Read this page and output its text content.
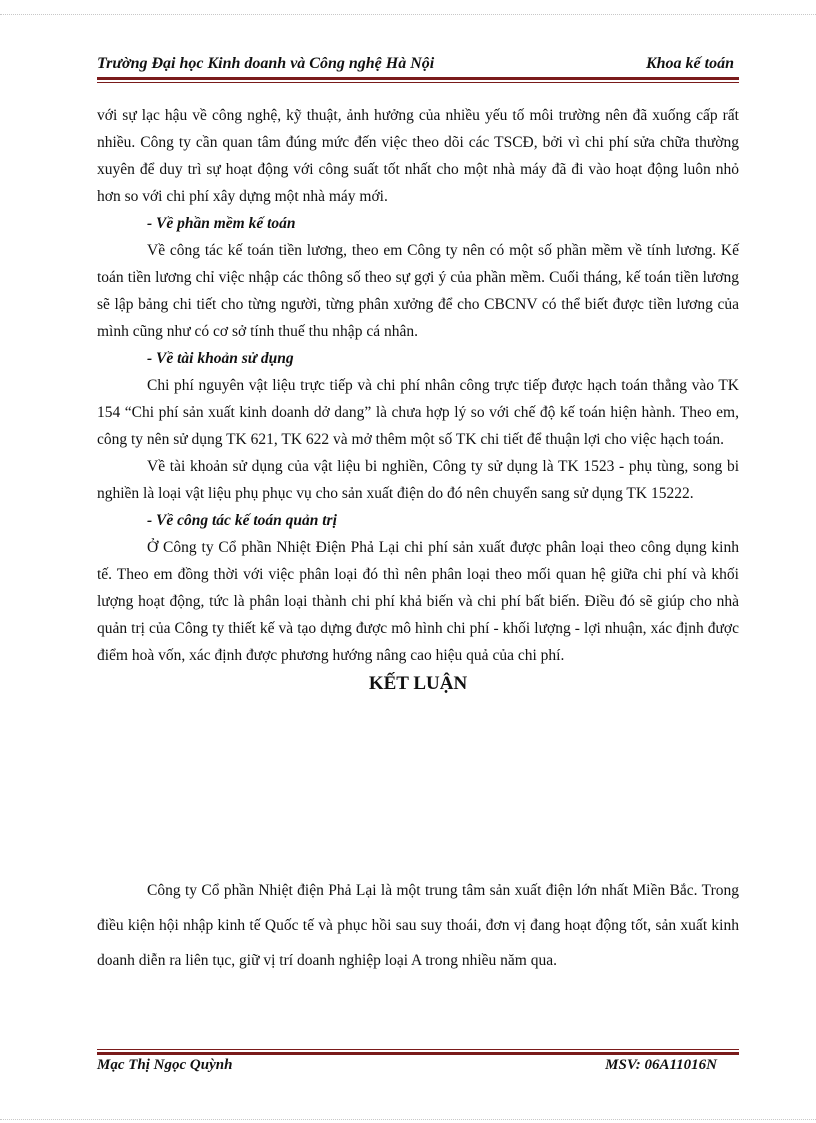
Trường Đại học Kinh doanh và Công nghệ Hà Nội	Khoa kế toán

với sự lạc hậu về công nghệ, kỹ thuật, ảnh hưởng của nhiều yếu tố môi trường nên đã xuống cấp rất nhiều. Công ty cần quan tâm đúng mức đến việc theo dõi các TSCĐ, bởi vì chi phí sửa chữa thường xuyên để duy trì sự hoạt động với công suất tốt nhất cho một nhà máy đã đi vào hoạt động luôn nhỏ hơn so với chi phí xây dựng một nhà máy mới.

- Về phần mềm kế toán

Về công tác kế toán tiền lương, theo em Công ty nên có một số phần mềm về tính lương. Kế toán tiền lương chỉ việc nhập các thông số theo sự gợi ý của phần mềm. Cuối tháng, kế toán tiền lương sẽ lập bảng chi tiết cho từng người, từng phân xưởng để cho CBCNV có thể biết được tiền lương của mình cũng như có cơ sở tính thuế thu nhập cá nhân.

- Về tài khoản sử dụng

Chi phí nguyên vật liệu trực tiếp và chi phí nhân công trực tiếp được hạch toán thẳng vào TK 154 “Chi phí sản xuất kinh doanh dở dang” là chưa hợp lý so với chế độ kế toán hiện hành. Theo em, công ty nên sử dụng TK 621, TK 622 và mở thêm một số TK chi tiết để thuận lợi cho việc hạch toán.

Về tài khoản sử dụng của vật liệu bi nghiền, Công ty sử dụng là TK 1523 - phụ tùng, song bi nghiền là loại vật liệu phụ phục vụ cho sản xuất điện do đó nên chuyển sang sử dụng TK 15222.

- Về công tác kế toán quản trị

Ở Công ty Cổ phần Nhiệt Điện Phả Lại chi phí sản xuất được phân loại theo công dụng kinh tế. Theo em đồng thời với việc phân loại đó thì nên phân loại theo mối quan hệ giữa chi phí và khối lượng hoạt động, tức là phân loại thành chi phí khả biến và chi phí bất biến. Điều đó sẽ giúp cho nhà quản trị của Công ty thiết kế và tạo dựng được mô hình chi phí - khối lượng - lợi nhuận, xác định được điểm hoà vốn, xác định được phương hướng nâng cao hiệu quả của chi phí.

KẾT LUẬN

Công ty Cổ phần Nhiệt điện Phả Lại là một trung tâm sản xuất điện lớn nhất Miền Bắc. Trong điều kiện hội nhập kinh tế Quốc tế và phục hồi sau suy thoái, đơn vị đang hoạt động tốt, sản xuất kinh doanh diễn ra liên tục, giữ vị trí doanh nghiệp loại A trong nhiều năm qua.

Mạc Thị Ngọc Quỳnh	MSV: 06A11016N
